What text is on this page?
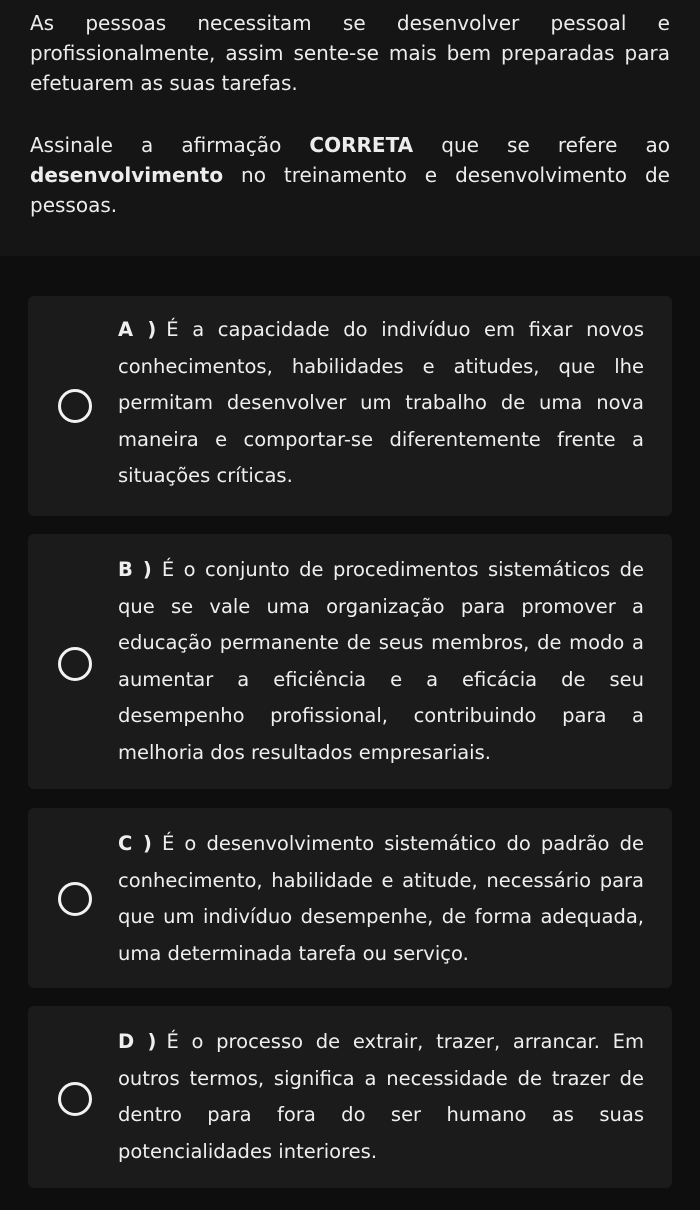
As pessoas necessitam se desenvolver pessoal e profissionalmente, assim sente-se mais bem preparadas para efetuarem as suas tarefas.

Assinale a afirmação CORRETA que se refere ao desenvolvimento no treinamento e desenvolvimento de pessoas.

A ) É a capacidade do indivíduo em fixar novos conhecimentos, habilidades e atitudes, que lhe permitam desenvolver um trabalho de uma nova maneira e comportar-se diferentemente frente a situações críticas.
B ) É o conjunto de procedimentos sistemáticos de que se vale uma organização para promover a educação permanente de seus membros, de modo a aumentar a eficiência e a eficácia de seu desempenho profissional, contribuindo para a melhoria dos resultados empresariais.
C ) É o desenvolvimento sistemático do padrão de conhecimento, habilidade e atitude, necessário para que um indivíduo desempenhe, de forma adequada, uma determinada tarefa ou serviço.
D ) É o processo de extrair, trazer, arrancar. Em outros termos, significa a necessidade de trazer de dentro para fora do ser humano as suas potencialidades interiores.
